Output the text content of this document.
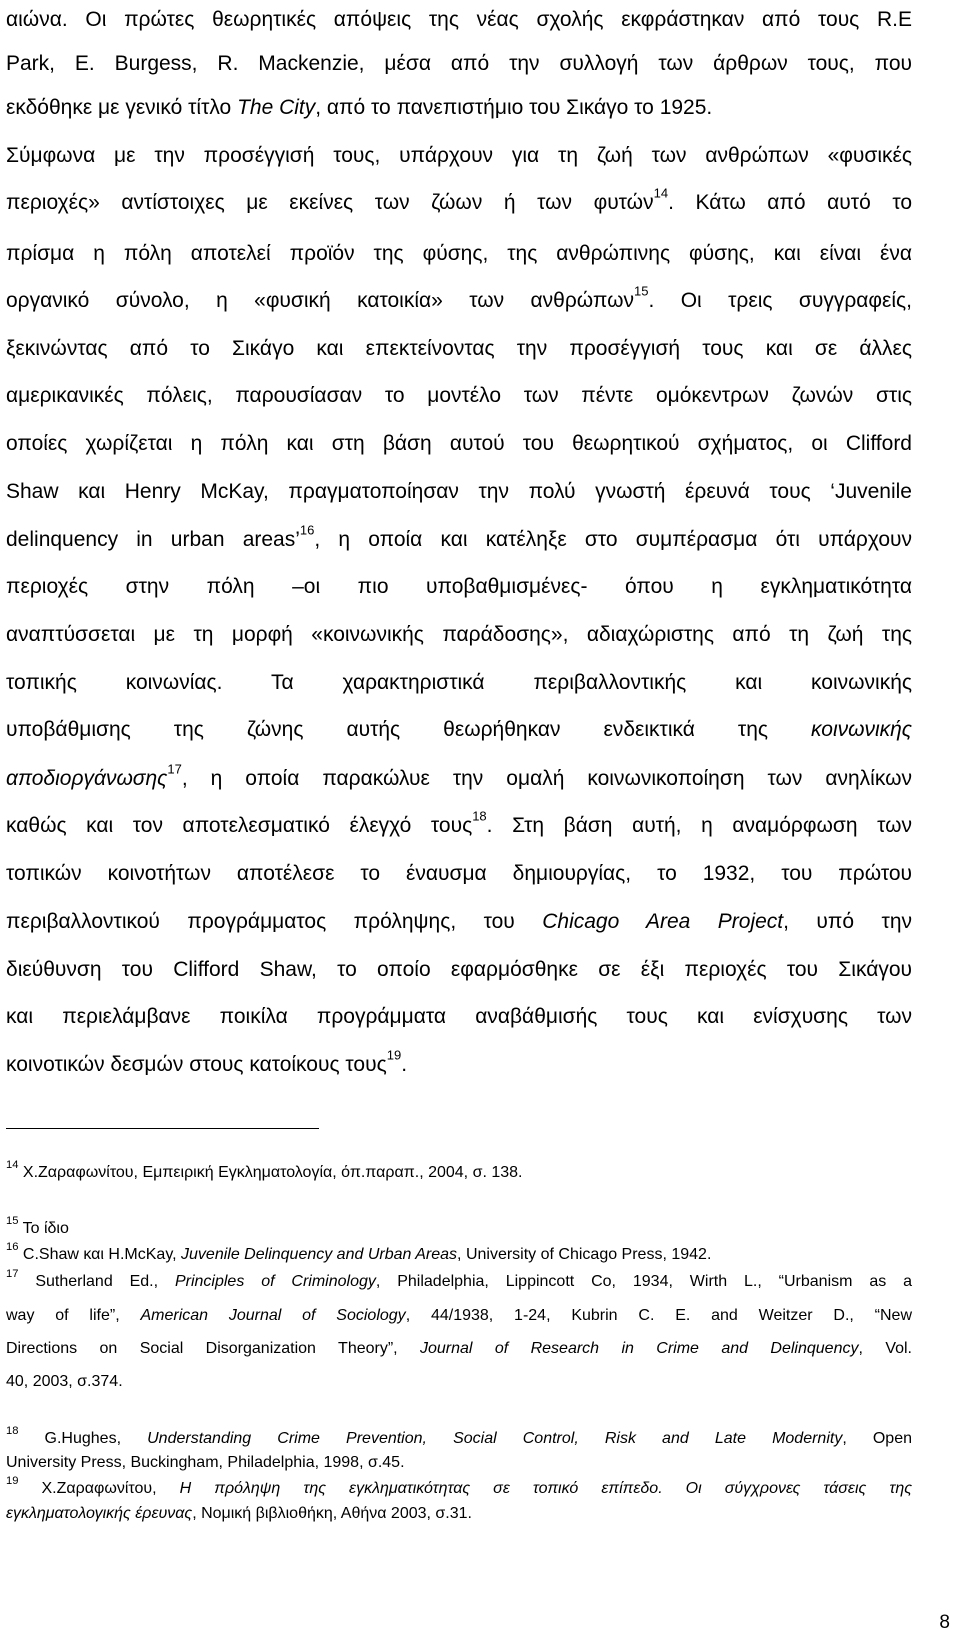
αιώνα. Οι πρώτες θεωρητικές απόψεις της νέας σχολής εκφράστηκαν από τους R.E
Park, E. Burgess, R. Mackenzie, μέσα από την συλλογή των άρθρων τους, που
εκδόθηκε με γενικό τίτλο The City, από το πανεπιστήμιο του Σικάγο το 1925.
Σύμφωνα με την προσέγγισή τους, υπάρχουν για τη ζωή των ανθρώπων «φυσικές
περιοχές» αντίστοιχες με εκείνες των ζώων ή των φυτών$^{14}$. Κάτω από αυτό το
πρίσμα η πόλη αποτελεί προϊόν της φύσης, της ανθρώπινης φύσης, και είναι ένα
οργανικό σύνολο, η «φυσική κατοικία» των ανθρώπων$^{15}$. Οι τρεις συγγραφείς,
ξεκινώντας από το Σικάγο και επεκτείνοντας την προσέγγισή τους και σε άλλες
αμερικανικές πόλεις, παρουσίασαν το μοντέλο των πέντε ομόκεντρων ζωνών στις
οποίες χωρίζεται η πόλη και στη βάση αυτού του θεωρητικού σχήματος, οι Clifford
Shaw και Henry McKay, πραγματοποίησαν την πολύ γνωστή έρευνά τους ‘Juvenile
delinquency in urban areas’$^{16}$, η οποία και κατέληξε στο συμπέρασμα ότι υπάρχουν
περιοχές στην πόλη –οι πιο υποβαθμισμένες- όπου η εγκληματικότητα
αναπτύσσεται με τη μορφή «κοινωνικής παράδοσης», αδιαχώριστης από τη ζωή της
τοπικής κοινωνίας. Τα χαρακτηριστικά περιβαλλοντικής και κοινωνικής
υποβάθμισης της ζώνης αυτής θεωρήθηκαν ενδεικτικά της κοινωνικής
αποδιοργάνωσης$^{17}$, η οποία παρακώλυε την ομαλή κοινωνικοποίηση των ανηλίκων
καθώς και τον αποτελεσματικό έλεγχό τους$^{18}$. Στη βάση αυτή, η αναμόρφωση των
τοπικών κοινοτήτων αποτέλεσε το έναυσμα δημιουργίας, το 1932, του πρώτου
περιβαλλοντικού προγράμματος πρόληψης, του Chicago Area Project, υπό την
διεύθυνση του Clifford Shaw, το οποίο εφαρμόσθηκε σε έξι περιοχές του Σικάγου
και περιελάμβανε ποικίλα προγράμματα αναβάθμισής τους και ενίσχυσης των
κοινοτικών δεσμών στους κατοίκους τους$^{19}$.
$^{14}$ Χ.Ζαραφωνίτου, Εμπειρική Εγκληματολογία, όπ.παραπ., 2004, σ. 138.
$^{15}$ Το ίδιο
$^{16}$ C.Shaw και H.McKay, Juvenile Delinquency and Urban Areas, University of Chicago Press, 1942.
$^{17}$ Sutherland Ed., Principles of Criminology, Philadelphia, Lippincott Co, 1934, Wirth L., “Urbanism as a
way of life”, American Journal of Sociology, 44/1938, 1-24, Kubrin C. E. and Weitzer D., “New
Directions on Social Disorganization Theory”, Journal of Research in Crime and Delinquency, Vol.
40, 2003, σ.374.
$^{18}$ G.Hughes, Understanding Crime Prevention, Social Control, Risk and Late Modernity, Open
University Press, Buckingham, Philadelphia, 1998, σ.45.
$^{19}$ Χ.Ζαραφωνίτου, Η πρόληψη της εγκληματικότητας σε τοπικό επίπεδο. Οι σύγχρονες τάσεις της
εγκληματολογικής έρευνας, Νομική βιβλιοθήκη, Αθήνα 2003, σ.31.
8
